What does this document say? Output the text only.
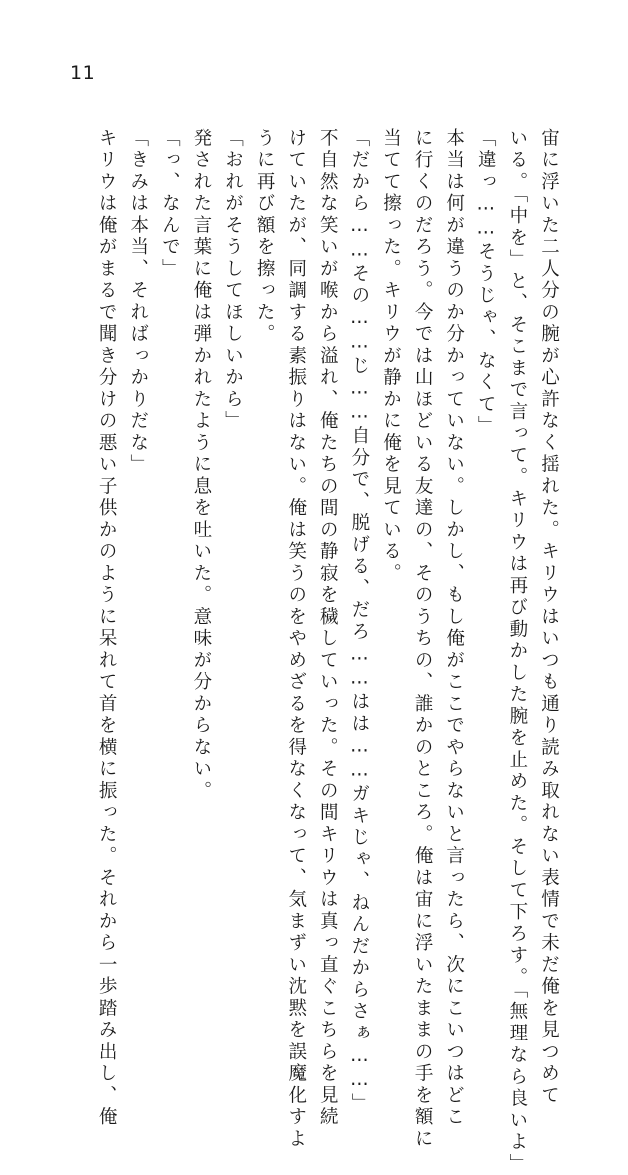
11
宙に浮いた二人分の腕が心許なく揺れた。キリウはいつも通り読み取れない表情で未だ俺を見つめて
いる。「中を」と、そこまで言って。キリウは再び動かした腕を止めた。そして下ろす。「無理なら良いよ」
「違っ……そうじゃ、なくて」
本当は何が違うのか分かっていない。しかし、もし俺がここでやらないと言ったら、次にこいつはどこ
に行くのだろう。今では山ほどいる友達の、そのうちの、誰かのところ。俺は宙に浮いたままの手を額に
当てて擦った。キリウが静かに俺を見ている。
「だから……その……じ……自分で、脱げる、だろ……はは……ガキじゃ、ねんだからさぁ……」
不自然な笑いが喉から溢れ、俺たちの間の静寂を穢していった。その間キリウは真っ直ぐこちらを見続
けていたが、同調する素振りはない。俺は笑うのをやめざるを得なくなって、気まずい沈黙を誤魔化すよ
うに再び額を擦った。
「おれがそうしてほしいから」
発された言葉に俺は弾かれたように息を吐いた。意味が分からない。
「っ、なんで」
「きみは本当、そればっかりだな」
キリウは俺がまるで聞き分けの悪い子供かのように呆れて首を横に振った。それから一歩踏み出し、俺
